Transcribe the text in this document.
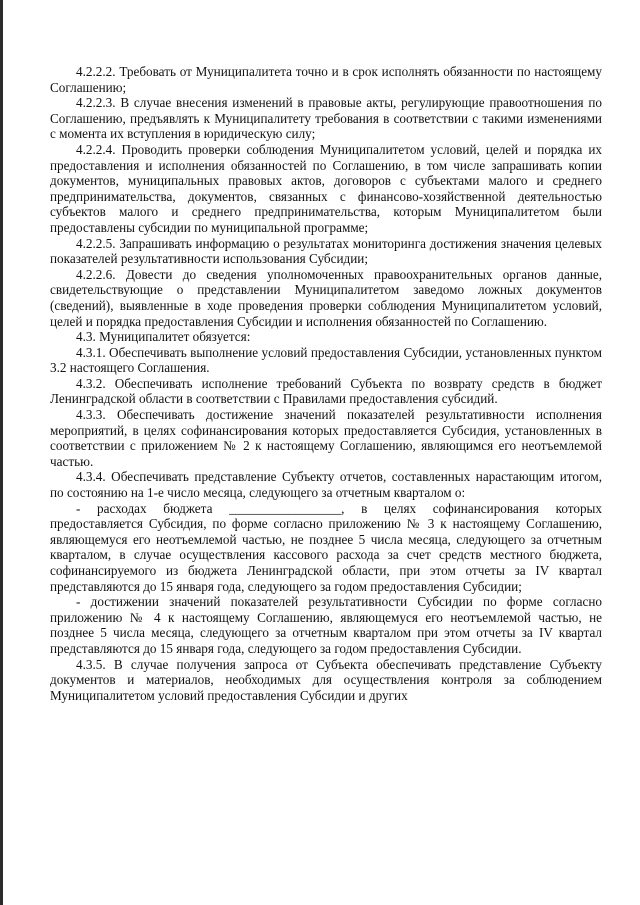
4.2.2.2. Требовать от Муниципалитета точно и в срок исполнять обязанности по настоящему Соглашению;

4.2.2.3. В случае внесения изменений в правовые акты, регулирующие правоотношения по Соглашению, предъявлять к Муниципалитету требования в соответствии с такими изменениями с момента их вступления в юридическую силу;

4.2.2.4. Проводить проверки соблюдения Муниципалитетом условий, целей и порядка их предоставления и исполнения обязанностей по Соглашению, в том числе запрашивать копии документов, муниципальных правовых актов, договоров с субъектами малого и среднего предпринимательства, документов, связанных с финансово-хозяйственной деятельностью субъектов малого и среднего предпринимательства, которым Муниципалитетом были предоставлены субсидии по муниципальной программе;

4.2.2.5. Запрашивать информацию о результатах мониторинга достижения значения целевых показателей результативности использования Субсидии;

4.2.2.6. Довести до сведения уполномоченных правоохранительных органов данные, свидетельствующие о представлении Муниципалитетом заведомо ложных документов (сведений), выявленные в ходе проведения проверки соблюдения Муниципалитетом условий, целей и порядка предоставления Субсидии и исполнения обязанностей по Соглашению.

4.3. Муниципалитет обязуется:

4.3.1. Обеспечивать выполнение условий предоставления Субсидии, установленных пунктом 3.2 настоящего Соглашения.

4.3.2. Обеспечивать исполнение требований Субъекта по возврату средств в бюджет Ленинградской области в соответствии с Правилами предоставления субсидий.

4.3.3. Обеспечивать достижение значений показателей результативности исполнения мероприятий, в целях софинансирования которых предоставляется Субсидия, установленных в соответствии с приложением № 2 к настоящему Соглашению, являющимся его неотъемлемой частью.

4.3.4. Обеспечивать представление Субъекту отчетов, составленных нарастающим итогом, по состоянию на 1-е число месяца, следующего за отчетным кварталом о:

- расходах бюджета _________________, в целях софинансирования которых предоставляется Субсидия, по форме согласно приложению № 3 к настоящему Соглашению, являющемуся его неотъемлемой частью, не позднее 5 числа месяца, следующего за отчетным кварталом, в случае осуществления кассового расхода за счет средств местного бюджета, софинансируемого из бюджета Ленинградской области, при этом отчеты за IV квартал представляются до 15 января года, следующего за годом предоставления Субсидии;

- достижении значений показателей результативности Субсидии по форме согласно приложению № 4 к настоящему Соглашению, являющемуся его неотъемлемой частью, не позднее 5 числа месяца, следующего за отчетным кварталом при этом отчеты за IV квартал представляются до 15 января года, следующего за годом предоставления Субсидии.

4.3.5. В случае получения запроса от Субъекта обеспечивать представление Субъекту документов и материалов, необходимых для осуществления контроля за соблюдением Муниципалитетом условий предоставления Субсидии и других
